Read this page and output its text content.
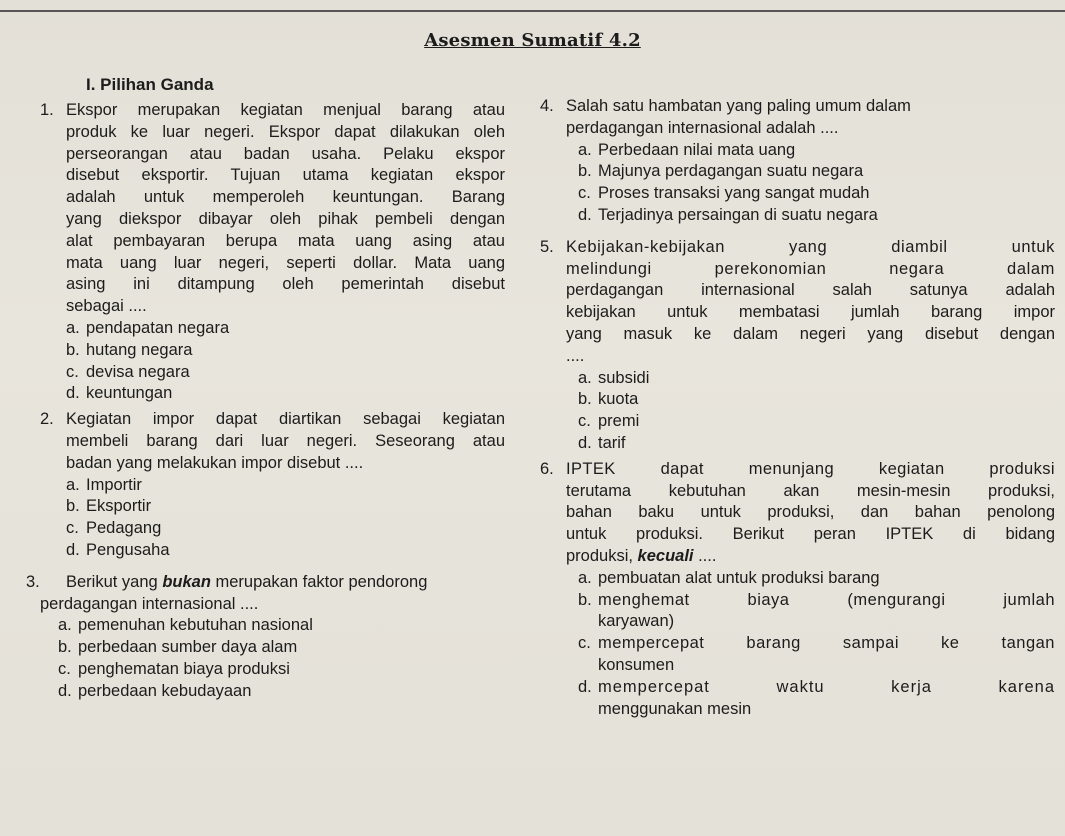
Asesmen Sumatif 4.2
I. Pilihan Ganda
1. Ekspor merupakan kegiatan menjual barang atau
produk ke luar negeri. Ekspor dapat dilakukan oleh
perseorangan atau badan usaha. Pelaku ekspor
disebut eksportir. Tujuan utama kegiatan ekspor
adalah untuk memperoleh keuntungan. Barang
yang diekspor dibayar oleh pihak pembeli dengan
alat pembayaran berupa mata uang asing atau
mata uang luar negeri, seperti dollar. Mata uang
asing ini ditampung oleh pemerintah disebut
sebagai ....
a. pendapatan negara
b. hutang negara
c. devisa negara
d. keuntungan
2. Kegiatan impor dapat diartikan sebagai kegiatan
membeli barang dari luar negeri. Seseorang atau
badan yang melakukan impor disebut ....
a. Importir
b. Eksportir
c. Pedagang
d. Pengusaha
3.	Berikut yang bukan merupakan faktor pendorong
perdagangan internasional ....
a. pemenuhan kebutuhan nasional
b. perbedaan sumber daya alam
c. penghematan biaya produksi
d. perbedaan kebudayaan
4. Salah satu hambatan yang paling umum dalam
perdagangan internasional adalah ....
a. Perbedaan nilai mata uang
b. Majunya perdagangan suatu negara
c. Proses transaksi yang sangat mudah
d. Terjadinya persaingan di suatu negara
5. Kebijakan-kebijakan yang diambil untuk
melindungi perekonomian negara dalam
perdagangan internasional salah satunya adalah
kebijakan untuk membatasi jumlah barang impor
yang masuk ke dalam negeri yang disebut dengan
....
a. subsidi
b. kuota
c. premi
d. tarif
6. IPTEK dapat menunjang kegiatan produksi
terutama kebutuhan akan mesin-mesin produksi,
bahan baku untuk produksi, dan bahan penolong
untuk produksi. Berikut peran IPTEK di bidang
produksi, kecuali ....
a. pembuatan alat untuk produksi barang
b. menghemat biaya (mengurangi jumlah
karyawan)
c. mempercepat barang sampai ke tangan
konsumen
d. mempercepat waktu kerja karena
menggunakan mesin
